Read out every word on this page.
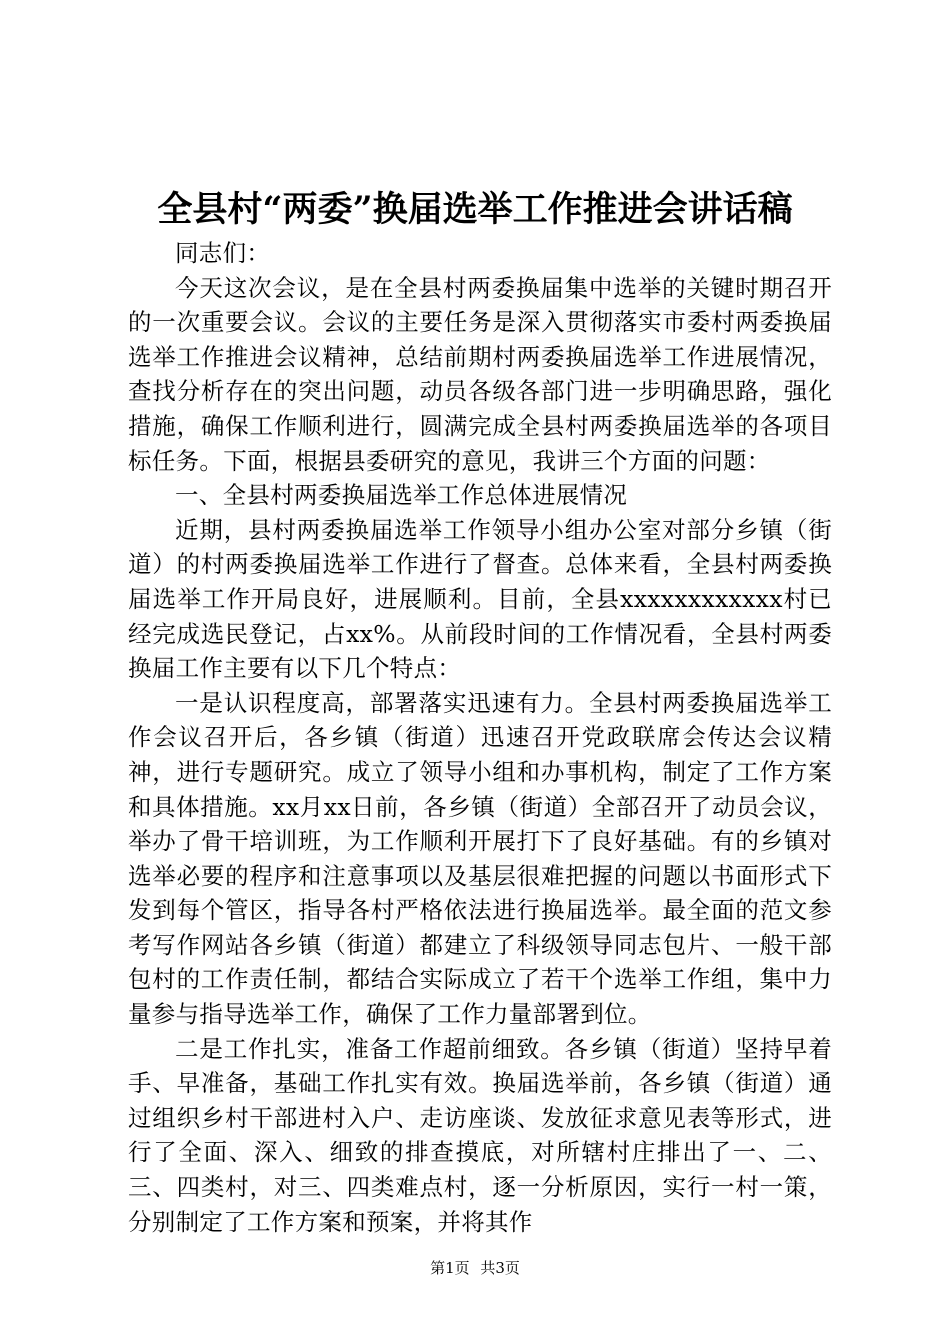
全县村“两委”换届选举工作推进会讲话稿

同志们：

今天这次会议，是在全县村两委换届集中选举的关键时期召开的一次重要会议。会议的主要任务是深入贯彻落实市委村两委换届选举工作推进会议精神，总结前期村两委换届选举工作进展情况，查找分析存在的突出问题，动员各级各部门进一步明确思路，强化措施，确保工作顺利进行，圆满完成全县村两委换届选举的各项目标任务。下面，根据县委研究的意见，我讲三个方面的问题：

一、全县村两委换届选举工作总体进展情况

近期，县村两委换届选举工作领导小组办公室对部分乡镇（街道）的村两委换届选举工作进行了督查。总体来看，全县村两委换届选举工作开局良好，进展顺利。目前，全县xxxxxxxxxxxx村已经完成选民登记，占xx%。从前段时间的工作情况看，全县村两委换届工作主要有以下几个特点：

一是认识程度高，部署落实迅速有力。全县村两委换届选举工作会议召开后，各乡镇（街道）迅速召开党政联席会传达会议精神，进行专题研究。成立了领导小组和办事机构，制定了工作方案和具体措施。xx月xx日前，各乡镇（街道）全部召开了动员会议，举办了骨干培训班，为工作顺利开展打下了良好基础。有的乡镇对选举必要的程序和注意事项以及基层很难把握的问题以书面形式下发到每个管区，指导各村严格依法进行换届选举。最全面的范文参考写作网站各乡镇（街道）都建立了科级领导同志包片、一般干部包村的工作责任制，都结合实际成立了若干个选举工作组，集中力量参与指导选举工作，确保了工作力量部署到位。

二是工作扎实，准备工作超前细致。各乡镇（街道）坚持早着手、早准备，基础工作扎实有效。换届选举前，各乡镇（街道）通过组织乡村干部进村入户、走访座谈、发放征求意见表等形式，进行了全面、深入、细致的排查摸底，对所辖村庄排出了一、二、三、四类村，对三、四类难点村，逐一分析原因，实行一村一策，分别制定了工作方案和预案，并将其作

第1页 共3页
